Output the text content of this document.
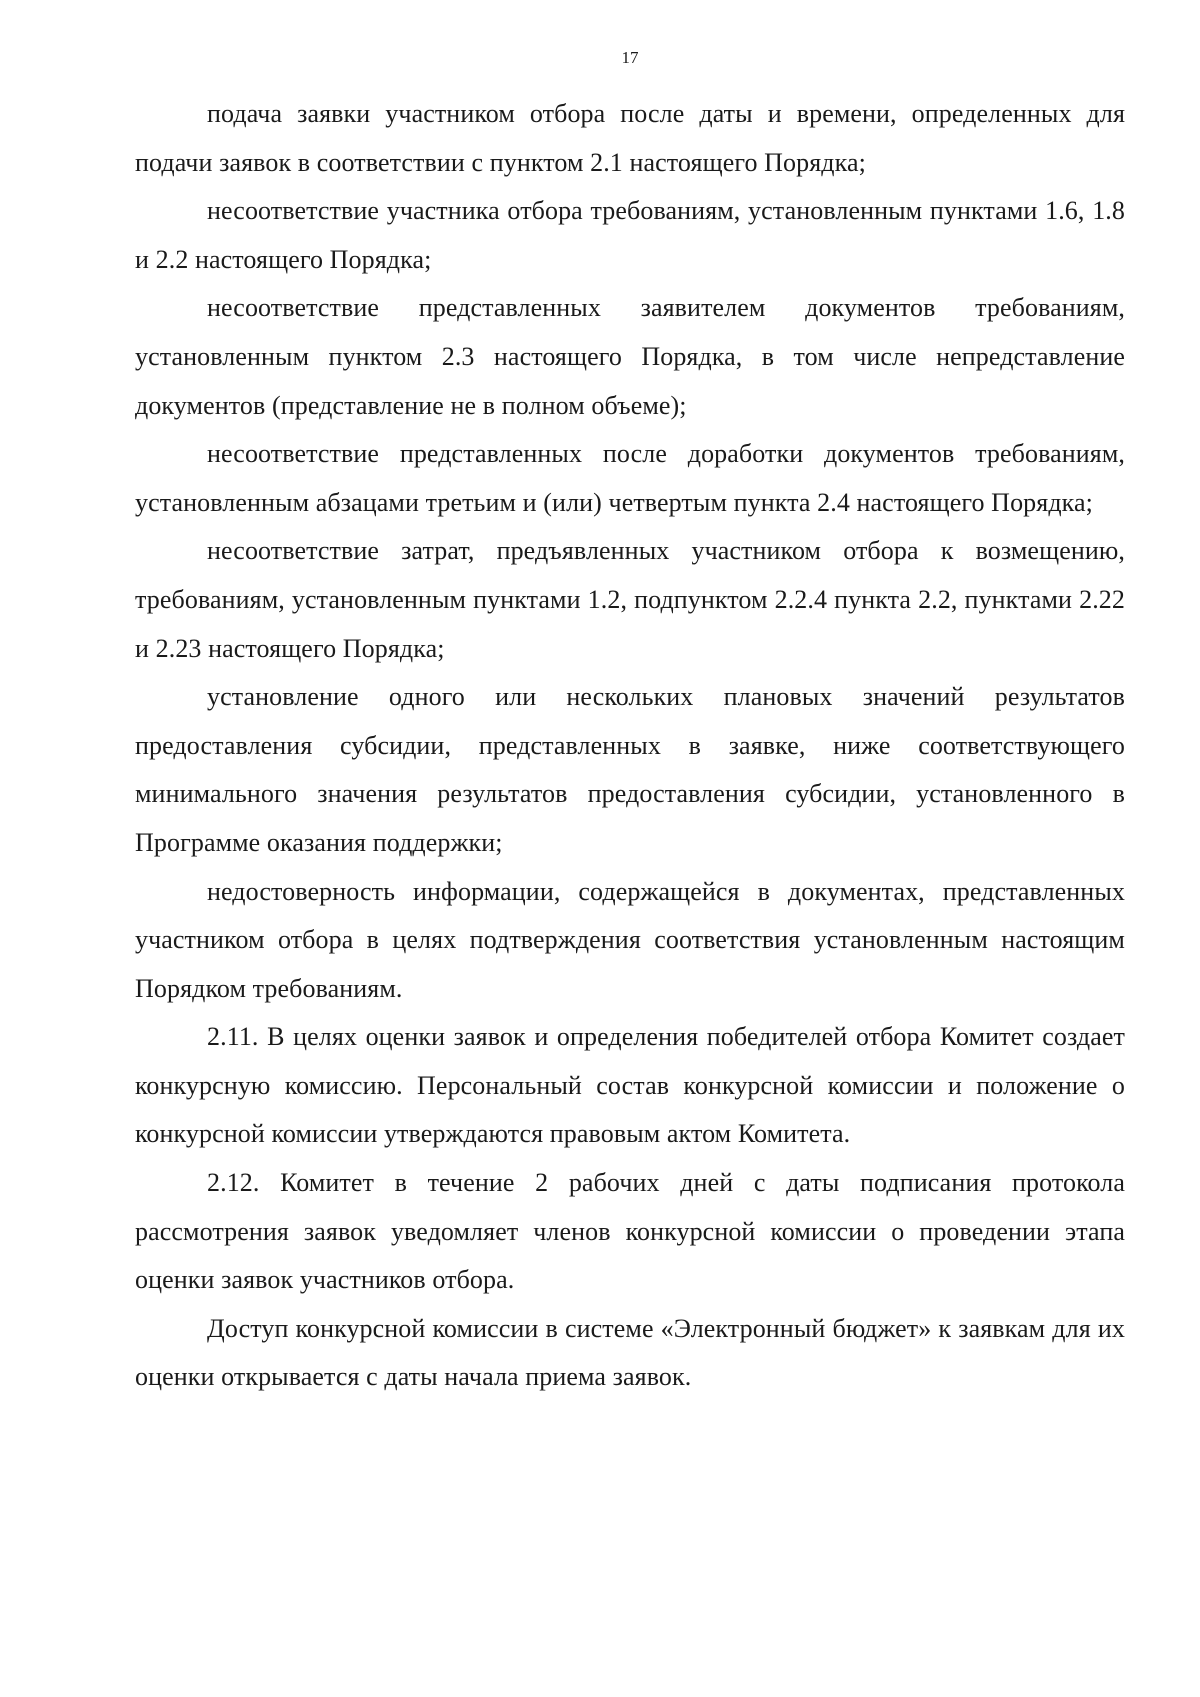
17

подача заявки участником отбора после даты и времени, определенных для подачи заявок в соответствии с пунктом 2.1 настоящего Порядка;

несоответствие участника отбора требованиям, установленным пунктами 1.6, 1.8 и 2.2 настоящего Порядка;

несоответствие представленных заявителем документов требованиям, установленным пунктом 2.3 настоящего Порядка, в том числе непредставление документов (представление не в полном объеме);

несоответствие представленных после доработки документов требованиям, установленным абзацами третьим и (или) четвертым пункта 2.4 настоящего Порядка;

несоответствие затрат, предъявленных участником отбора к возмещению, требованиям, установленным пунктами 1.2, подпунктом 2.2.4 пункта 2.2, пунктами 2.22 и 2.23 настоящего Порядка;

установление одного или нескольких плановых значений результатов предоставления субсидии, представленных в заявке, ниже соответствующего минимального значения результатов предоставления субсидии, установленного в Программе оказания поддержки;

недостоверность информации, содержащейся в документах, представленных участником отбора в целях подтверждения соответствия установленным настоящим Порядком требованиям.

2.11. В целях оценки заявок и определения победителей отбора Комитет создает конкурсную комиссию. Персональный состав конкурсной комиссии и положение о конкурсной комиссии утверждаются правовым актом Комитета.

2.12. Комитет в течение 2 рабочих дней с даты подписания протокола рассмотрения заявок уведомляет членов конкурсной комиссии о проведении этапа оценки заявок участников отбора.

Доступ конкурсной комиссии в системе «Электронный бюджет» к заявкам для их оценки открывается с даты начала приема заявок.
